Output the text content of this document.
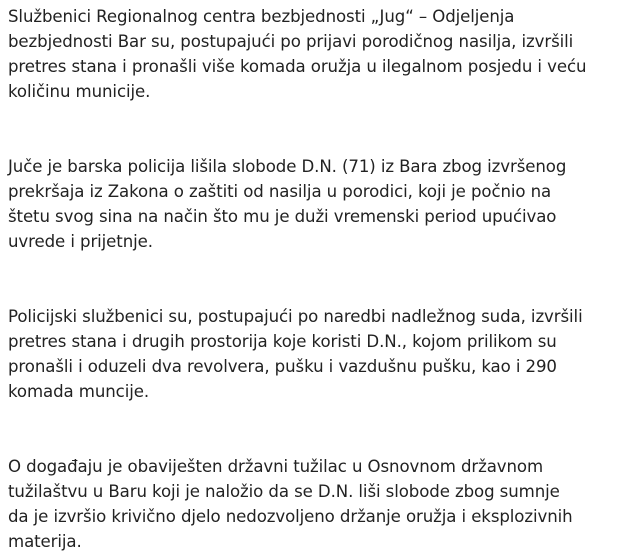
Službenici Regionalnog centra bezbjednosti „Jug“ – Odjeljenja
bezbjednosti Bar su, postupajući po prijavi porodičnog nasilja, izvršili
pretres stana i pronašli više komada oružja u ilegalnom posjedu i veću
količinu municije.

Juče je barska policija lišila slobode D.N. (71) iz Bara zbog izvršenog
prekršaja iz Zakona o zaštiti od nasilja u porodici, koji je počnio na
štetu svog sina na način što mu je duži vremenski period upućivao
uvrede i prijetnje.

Policijski službenici su, postupajući po naredbi nadležnog suda, izvršili
pretres stana i drugih prostorija koje koristi D.N., kojom prilikom su
pronašli i oduzeli dva revolvera, pušku i vazdušnu pušku, kao i 290
komada muncije.

O događaju je obaviješten državni tužilac u Osnovnom državnom
tužilaštvu u Baru koji je naložio da se D.N. liši slobode zbog sumnje
da je izvršio krivično djelo nedozvoljeno držanje oružja i eksplozivnih
materija.
